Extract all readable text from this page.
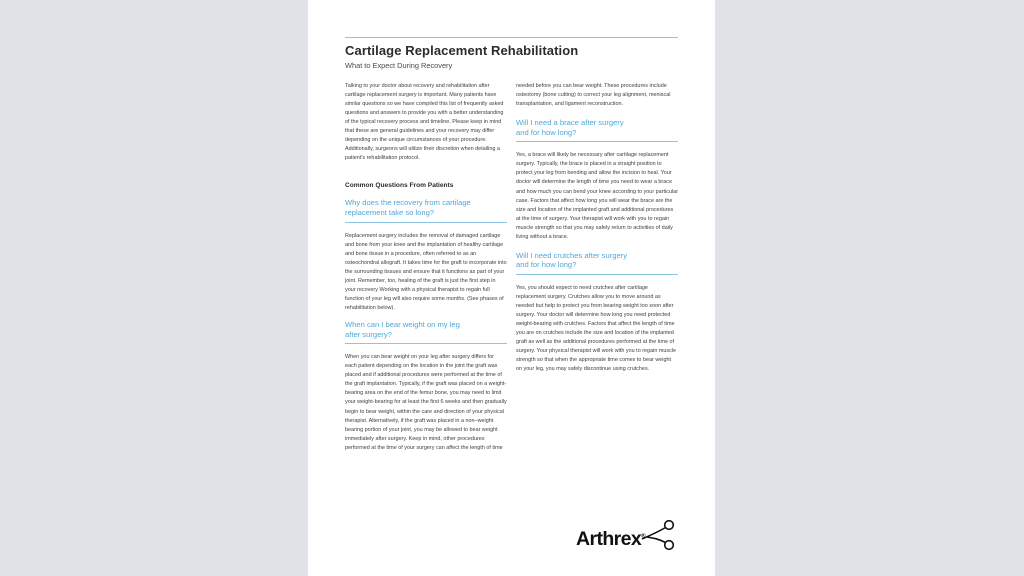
Cartilage Replacement Rehabilitation
What to Expect During Recovery

Talking to your doctor about recovery and rehabilitation after cartilage replacement surgery is important. Many patients have similar questions so we have compiled this list of frequently asked questions and answers to provide you with a better understanding of the typical recovery process and timeline. Please keep in mind that these are general guidelines and your recovery may differ depending on the unique circumstances of your procedure. Additionally, surgeons will utilize their discretion when detailing a patient's rehabilitation protocol.

Common Questions From Patients

Why does the recovery from cartilage
replacement take so long?

Replacement surgery includes the removal of damaged cartilage and bone from your knee and the implantation of healthy cartilage and bone tissue in a procedure, often referred to as an osteochondral allograft. It takes time for the graft to incorporate into the surrounding tissues and ensure that it functions as part of your joint. Remember, too, healing of the graft is just the first step in your recovery Working with a physical therapist to regain full function of your leg will also require some months. (See phases of rehabilitation below).

When can I bear weight on my leg
after surgery?

When you can bear weight on your leg after surgery differs for each patient depending on the location in the joint the graft was placed and if additional procedures were performed at the time of the graft implantation. Typically, if the graft was placed on a weight-bearing area on the end of the femur bone, you may need to limit your weight-bearing for at least the first 6 weeks and then gradually begin to bear weight, within the care and direction of your physical therapist. Alternatively, if the graft was placed in a non–weight bearing portion of your joint, you may be allowed to bear weight immediately after surgery. Keep in mind, other procedures performed at the time of your surgery can affect the length of time

needed before you can bear weight. These procedures include osteotomy (bone cutting) to correct your leg alignment, meniscal transplantation, and ligament reconstruction.

Will I need a brace after surgery
and for how long?

Yes, a brace will likely be necessary after cartilage replacement surgery. Typically, the brace is placed in a straight position to protect your leg from bending and allow the incision to heal. Your doctor will determine the length of time you need to wear a brace and how much you can bend your knee according to your particular case. Factors that affect how long you will wear the brace are the size and location of the implanted graft and additional procedures at the time of surgery. Your therapist will work with you to regain muscle strength so that you may safely return to activities of daily living without a brace.

Will I need crutches after surgery
and for how long?

Yes, you should expect to need crutches after cartilage replacement surgery. Crutches allow you to move around as needed but help to protect you from bearing weight too soon after surgery. Your doctor will determine how long you need protected weight-bearing with crutches. Factors that affect the length of time you are on crutches include the size and location of the implanted graft as well as the additional procedures performed at the time of surgery. Your physical therapist will work with you to regain muscle strength so that when the appropriate time comes to bear weight on your leg, you may safely discontinue using crutches.

Arthrex®
